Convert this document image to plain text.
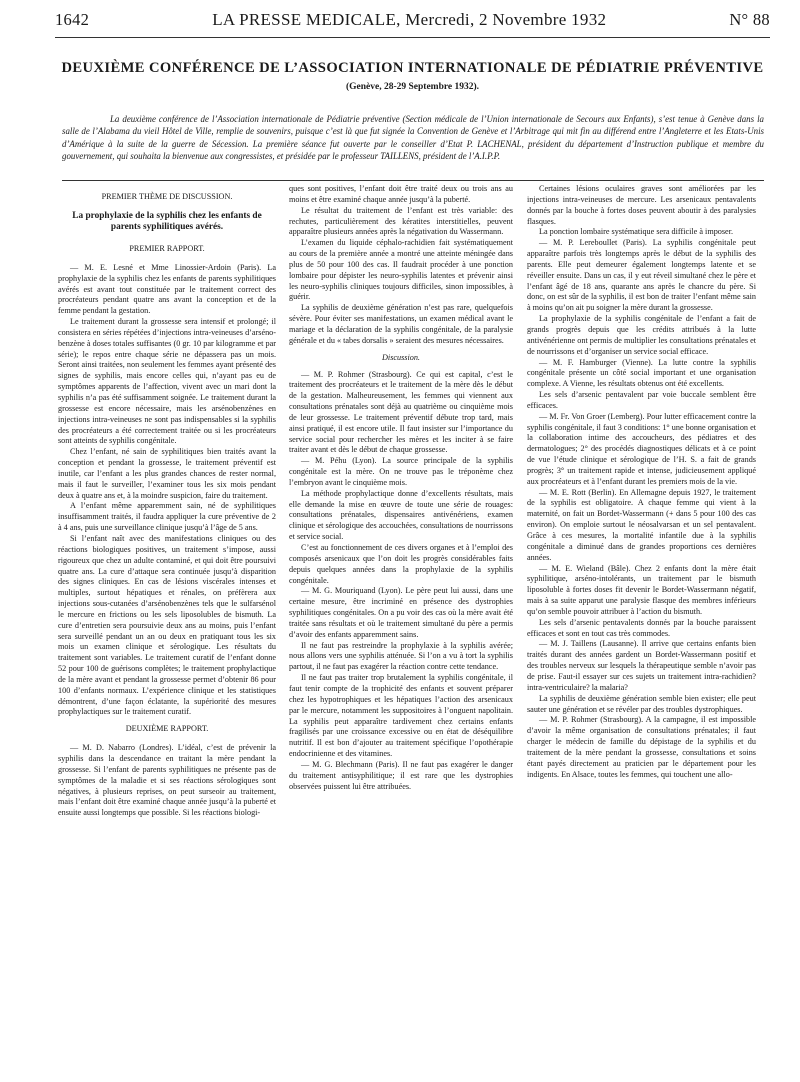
1642	LA PRESSE MEDICALE, Mercredi, 2 Novembre 1932	N° 88
DEUXIÈME CONFÉRENCE DE L’ASSOCIATION INTERNATIONALE DE PÉDIATRIE PRÉVENTIVE
(Genève, 28-29 Septembre 1932).
La deuxième conférence de l’Association internationale de Pédiatrie préventive (Section médicale de l’Union internationale de Secours aux Enfants), s’est tenue à Genève dans la salle de l’Alabama du vieil Hôtel de Ville, remplie de souvenirs, puisque c’est là que fut signée la Convention de Genève et l’Arbitrage qui mit fin au différend entre l’Angleterre et les Etats-Unis d’Amérique à la suite de la guerre de Sécession. La première séance fut ouverte par le conseiller d’Etat P. LACHENAL, président du département d’Instruction publique et membre du gouvernement, qui souhaita la bienvenue aux congressistes, et présidée par le professeur TAILLENS, président de l’A.I.P.P.

PREMIER THÈME DE DISCUSSION.

La prophylaxie de la syphilis chez les enfants de parents syphilitiques avérés.

PREMIER RAPPORT.

— M. E. Lesné et Mme Linossier-Ardoin (Paris). La prophylaxie de la syphilis chez les enfants de parents syphilitiques avérés est avant tout constituée par le traitement correct des procréateurs pendant quatre ans avant la conception et de la femme pendant la gestation.

Le traitement durant la grossesse sera intensif et prolongé; il consistera en séries répétées d’injections intra-veineuses d’arséno-benzène à doses totales suffisantes (0 gr. 10 par kilogramme et par série); le repos entre chaque série ne dépassera pas un mois. Seront ainsi traitées, non seulement les femmes ayant présenté des signes de syphilis, mais encore celles qui, n’ayant pas eu de symptômes apparents de l’affection, vivent avec un mari dont la syphilis n’a pas été suffisamment soignée. Le traitement durant la grossesse est encore nécessaire, mais les arsénobenzènes en injections intra-veineuses ne sont pas indispensables si la syphilis des procréateurs a été correctement traitée ou si les procréateurs sont atteints de syphilis congénitale.

Chez l’enfant, né sain de syphilitiques bien traités avant la conception et pendant la grossesse, le traitement préventif est inutile, car l’enfant a les plus grandes chances de rester normal, mais il faut le surveiller, l’examiner tous les six mois pendant deux à quatre ans et, à la moindre suspicion, faire du traitement.

A l’enfant même apparemment sain, né de syphilitiques insuffisamment traités, il faudra appliquer la cure préventive de 2 à 4 ans, puis une surveillance clinique jusqu’à l’âge de 5 ans.

Si l’enfant naît avec des manifestations cliniques ou des réactions biologiques positives, un traitement s’impose, aussi rigoureux que chez un adulte contaminé, et qui doit être poursuivi quatre ans. La cure d’attaque sera continuée jusqu’à disparition des signes cliniques. En cas de lésions viscérales intenses et multiples, surtout hépatiques et rénales, on préfèrera aux injections sous-cutanées d’arsénobenzènes tels que le sulfarsénol le mercure en frictions ou les sels liposolubles de bismuth. La cure d’entretien sera poursuivie deux ans au moins, puis l’enfant sera surveillé pendant un an ou deux en pratiquant tous les six mois un examen clinique et sérologique. Les résultats du traitement sont variables. Le traitement curatif de l’enfant donne 52 pour 100 de guérisons complètes; le traitement prophylactique de la mère avant et pendant la grossesse permet d’obtenir 86 pour 100 d’enfants normaux. L’expérience clinique et les statistiques démontrent, d’une façon éclatante, la supériorité des mesures prophylactiques sur le traitement curatif.

DEUXIÈME RAPPORT.

— M. D. Nabarro (Londres). L’idéal, c’est de prévenir la syphilis dans la descendance en traitant la mère pendant la grossesse. Si l’enfant de parents syphilitiques ne présente pas de symptômes de la maladie et si ses réactions sérologiques sont négatives, à plusieurs reprises, on peut surseoir au traitement, mais l’enfant doit être examiné chaque année jusqu’à la puberté et ensuite aussi longtemps que possible. Si les réactions biologi-

ques sont positives, l’enfant doit être traité deux ou trois ans au moins et être examiné chaque année jusqu’à la puberté.

Le résultat du traitement de l’enfant est très variable: des rechutes, particulièrement des kératites interstitielles, peuvent apparaître plusieurs années après la négativation du Wassermann.

L’examen du liquide céphalo-rachidien fait systématiquement au cours de la première année a montré une atteinte méningée dans plus de 50 pour 100 des cas. Il faudrait procéder à une ponction lombaire pour dépister les neuro-syphilis latentes et prévenir ainsi les neuro-syphilis cliniques toujours difficiles, sinon impossibles, à guérir.

La syphilis de deuxième génération n’est pas rare, quelquefois sévère. Pour éviter ses manifestations, un examen médical avant le mariage et la déclaration de la syphilis congénitale, de la paralysie générale et du « tabes dorsalis » seraient des mesures nécessaires.

Discussion.

— M. P. Rohmer (Strasbourg). Ce qui est capital, c’est le traitement des procréateurs et le traitement de la mère dès le début de la gestation. Malheureusement, les femmes qui viennent aux consultations prénatales sont déjà au quatrième ou cinquième mois de leur grossesse. Le traitement préventif débute trop tard, mais ainsi pratiqué, il est encore utile. Il faut insister sur l’importance du service social pour rechercher les mères et les inciter à se faire traiter avant et dès le début de chaque grossesse.

— M. Péhu (Lyon). La source principale de la syphilis congénitale est la mère. On ne trouve pas le tréponème chez l’embryon avant le cinquième mois.

La méthode prophylactique donne d’excellents résultats, mais elle demande la mise en œuvre de toute une série de rouages: consultations prénatales, dispensaires antivénériens, examen clinique et sérologique des accouchées, consultations de nourrissons et service social.

C’est au fonctionnement de ces divers organes et à l’emploi des composés arsenicaux que l’on doit les progrès considérables faits depuis quelques années dans la prophylaxie de la syphilis congénitale.

— M. G. Mouriquand (Lyon). Le père peut lui aussi, dans une certaine mesure, être incriminé en présence des dystrophies syphilitiques congénitales. On a pu voir des cas où la mère avait été traitée sans résultats et où le traitement simultané du père a permis d’avoir des enfants apparemment sains.

Il ne faut pas restreindre la prophylaxie à la syphilis avérée; nous allons vers une syphilis atténuée. Si l’on a vu à tort la syphilis partout, il ne faut pas exagérer la réaction contre cette tendance.

Il ne faut pas traiter trop brutalement la syphilis congénitale, il faut tenir compte de la trophicité des enfants et souvent préparer chez les hypotrophiques et les hépatiques l’action des arsenicaux par le mercure, notamment les suppositoires à l’onguent napolitain. La syphilis peut apparaître tardivement chez certains enfants fragilisés par une croissance excessive ou en état de déséquilibre nutritif. Il est bon d’ajouter au traitement spécifique l’opothérapie endocrinienne et des vitamines.

— M. G. Blechmann (Paris). Il ne faut pas exagérer le danger du traitement antisyphilitique; il est rare que les dystrophies observées puissent lui être attribuées.

Certaines lésions oculaires graves sont améliorées par les injections intra-veineuses de mercure. Les arsenicaux pentavalents donnés par la bouche à fortes doses peuvent aboutir à des paralysies flasques.

La ponction lombaire systématique sera difficile à imposer.

— M. P. Lereboullet (Paris). La syphilis congénitale peut apparaître parfois très longtemps après le début de la syphilis des parents. Elle peut demeurer également longtemps latente et se réveiller ensuite. Dans un cas, il y eut réveil simultané chez le père et l’enfant âgé de 18 ans, quarante ans après le chancre du père. Si donc, on est sûr de la syphilis, il est bon de traiter l’enfant même sain à moins qu’on ait pu soigner la mère durant la grossesse.

La prophylaxie de la syphilis congénitale de l’enfant a fait de grands progrès depuis que les crédits attribués à la lutte antivénérienne ont permis de multiplier les consultations prénatales et de nourrissons et d’organiser un service social efficace.

— M. F. Hamburger (Vienne). La lutte contre la syphilis congénitale présente un côté social important et une organisation complexe. A Vienne, les résultats obtenus ont été excellents.

Les sels d’arsenic pentavalent par voie buccale semblent être efficaces.

— M. Fr. Von Groer (Lemberg). Pour lutter efficacement contre la syphilis congénitale, il faut 3 conditions: 1° une bonne organisation et la collaboration intime des accoucheurs, des pédiatres et des dermatologues; 2° des procédés diagnostiques délicats et à ce point de vue l’étude clinique et sérologique de l’H. S. a fait de grands progrès; 3° un traitement rapide et intense, judicieusement appliqué aux procréateurs et à l’enfant durant les premiers mois de la vie.

— M. E. Rott (Berlin). En Allemagne depuis 1927, le traitement de la syphilis est obligatoire. A chaque femme qui vient à la maternité, on fait un Bordet-Wassermann (+ dans 5 pour 100 des cas environ). On emploie surtout le néosalvarsan et un sel pentavalent. Grâce à ces mesures, la mortalité infantile due à la syphilis congénitale a diminué dans de grandes proportions ces dernières années.

— M. E. Wieland (Bâle). Chez 2 enfants dont la mère était syphilitique, arséno-intolérants, un traitement par le bismuth liposoluble à fortes doses fit devenir le Bordet-Wassermann négatif, mais à sa suite apparut une paralysie flasque des membres inférieurs qu’on semble pouvoir attribuer à l’action du bismuth.

Les sels d’arsenic pentavalents donnés par la bouche paraissent efficaces et sont en tout cas très commodes.

— M. J. Taillens (Lausanne). Il arrive que certains enfants bien traités durant des années gardent un Bordet-Wassermann positif et des troubles nerveux sur lesquels la thérapeutique semble n’avoir pas de prise. Faut-il essayer sur ces sujets un traitement intra-rachidien? intra-ventriculaire? la malaria?

La syphilis de deuxième génération semble bien exister; elle peut sauter une génération et se révéler par des troubles dystrophiques.

— M. P. Rohmer (Strasbourg). A la campagne, il est impossible d’avoir la même organisation de consultations prénatales; il faut charger le médecin de famille du dépistage de la syphilis et du traitement de la mère pendant la grossesse, consultations et soins étant payés directement au praticien par le département pour les indigents. En Alsace, toutes les femmes, qui touchent une allo-
